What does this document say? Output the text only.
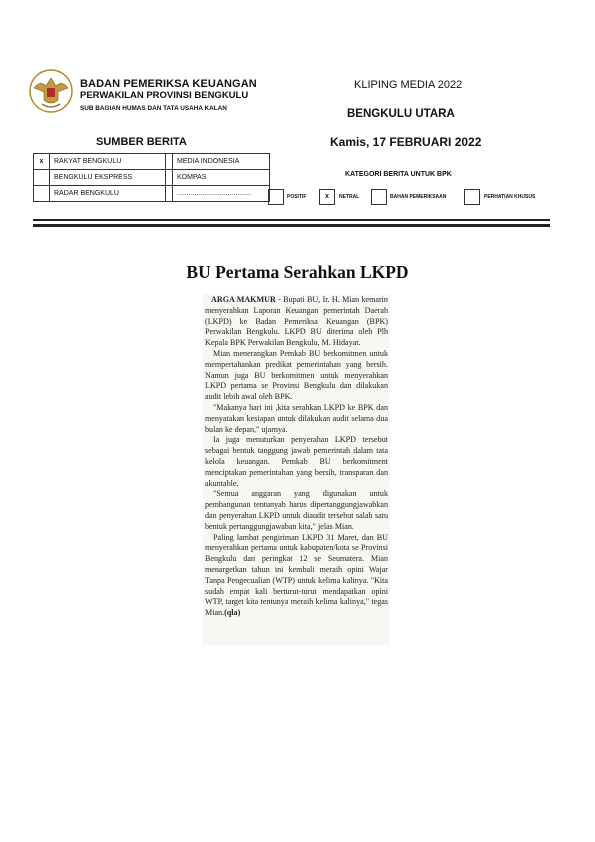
BADAN PEMERIKSA KEUANGAN
PERWAKILAN PROVINSI BENGKULU
SUB BAGIAN HUMAS DAN TATA USAHA KALAN
KLIPING MEDIA 2022
BENGKULU UTARA
Kamis, 17 FEBRUARI 2022
SUMBER BERITA
x	RAKYAT BENGKULU		MEDIA INDONESIA
	BENGKULU EKSPRESS		KOMPAS
	RADAR BENGKULU		......................................
KATEGORI BERITA UNTUK BPK
POSITIF	x	NETRAL	BAHAN PEMERIKSAAN	PERHATIAN KHUSUS
BU Pertama Serahkan LKPD

ARGA MAKMUR - Bupati BU, Ir. H. Mian kemarin menyerahkan Laporan Keuangan pemerintah Daerah (LKPD) ke Badan Pemeriksa Keuangan (BPK) Perwakilan Bengkulu. LKPD BU diterima oleh Plh Kepala BPK Perwakilan Bengkulu, M. Hidayat.

Mian menerangkan Pemkab BU berkomitmen untuk mempertahankan predikat pemerintahan yang bersih. Namun juga BU berkomitmen untuk menyerahkan LKPD pertama se Provinsi Bengkulu dan dilakukan audit lebih awal oleh BPK.

"Makanya hari ini ,kita serahkan LKPD ke BPK dan menyatakan kesiapan untuk dilakukan audit selama dua bulan ke depan," ujarnya.

Ia juga menuturkan penyerahan LKPD tersebut sebagai bentuk tanggung jawab pemerintah dalam tata kelola keuangan. Pemkab BU berkomitment menciptakan pemerintahan yang bersih, transparan dan akuntable.

"Semua anggaran yang digunakan untuk pembangunan tentunyab harus dipertanggungjawabkan dan penyerahan LKPD untuk diaudit tersebut salah satu bentuk pertanggungjawaban kita," jelas Mian.

Paling lambat pengiriman LKPD 31 Maret, dan BU menyerahkan pertama untuk kabupaten/kota se Provinsi Bengkulu dan peringkat 12 se Seumatera. Mian menargetkan tahun ini kembali meraih opini Wajar Tanpa Pengecualian (WTP) untuk kelima kalinya. "Kita sudah empat kali berturut-turut mendapatkan opini WTP, target kita tentunya meraih kelima kalinya," tegas Mian.(qla)
